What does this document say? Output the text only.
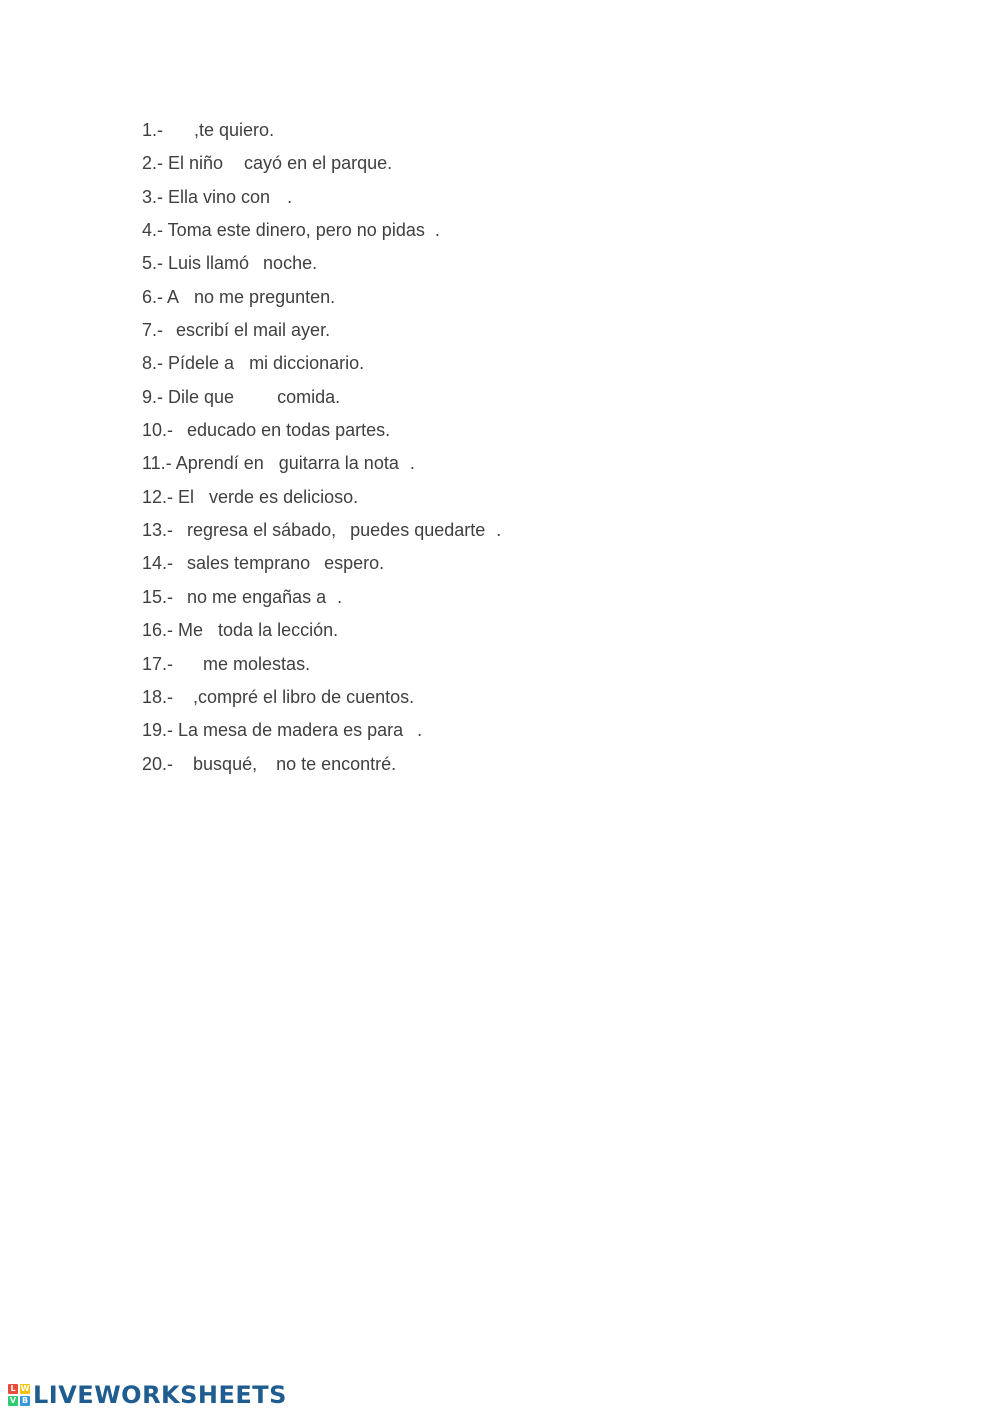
1.- ,te quiero.
2.- El niño cayó en el parque.
3.- Ella vino con .
4.- Toma este dinero, pero no pidas .
5.- Luis llamó noche.
6.- A no me pregunten.
7.- escribí el mail ayer.
8.- Pídele a mi diccionario.
9.- Dile que comida.
10.- educado en todas partes.
11.- Aprendí en guitarra la nota .
12.- El verde es delicioso.
13.- regresa el sábado, puedes quedarte .
14.- sales temprano espero.
15.- no me engañas a .
16.- Me toda la lección.
17.- me molestas.
18.- ,compré el libro de cuentos.
19.- La mesa de madera es para .
20.- busqué, no te encontré.
L W
V B LIVEWORKSHEETS
